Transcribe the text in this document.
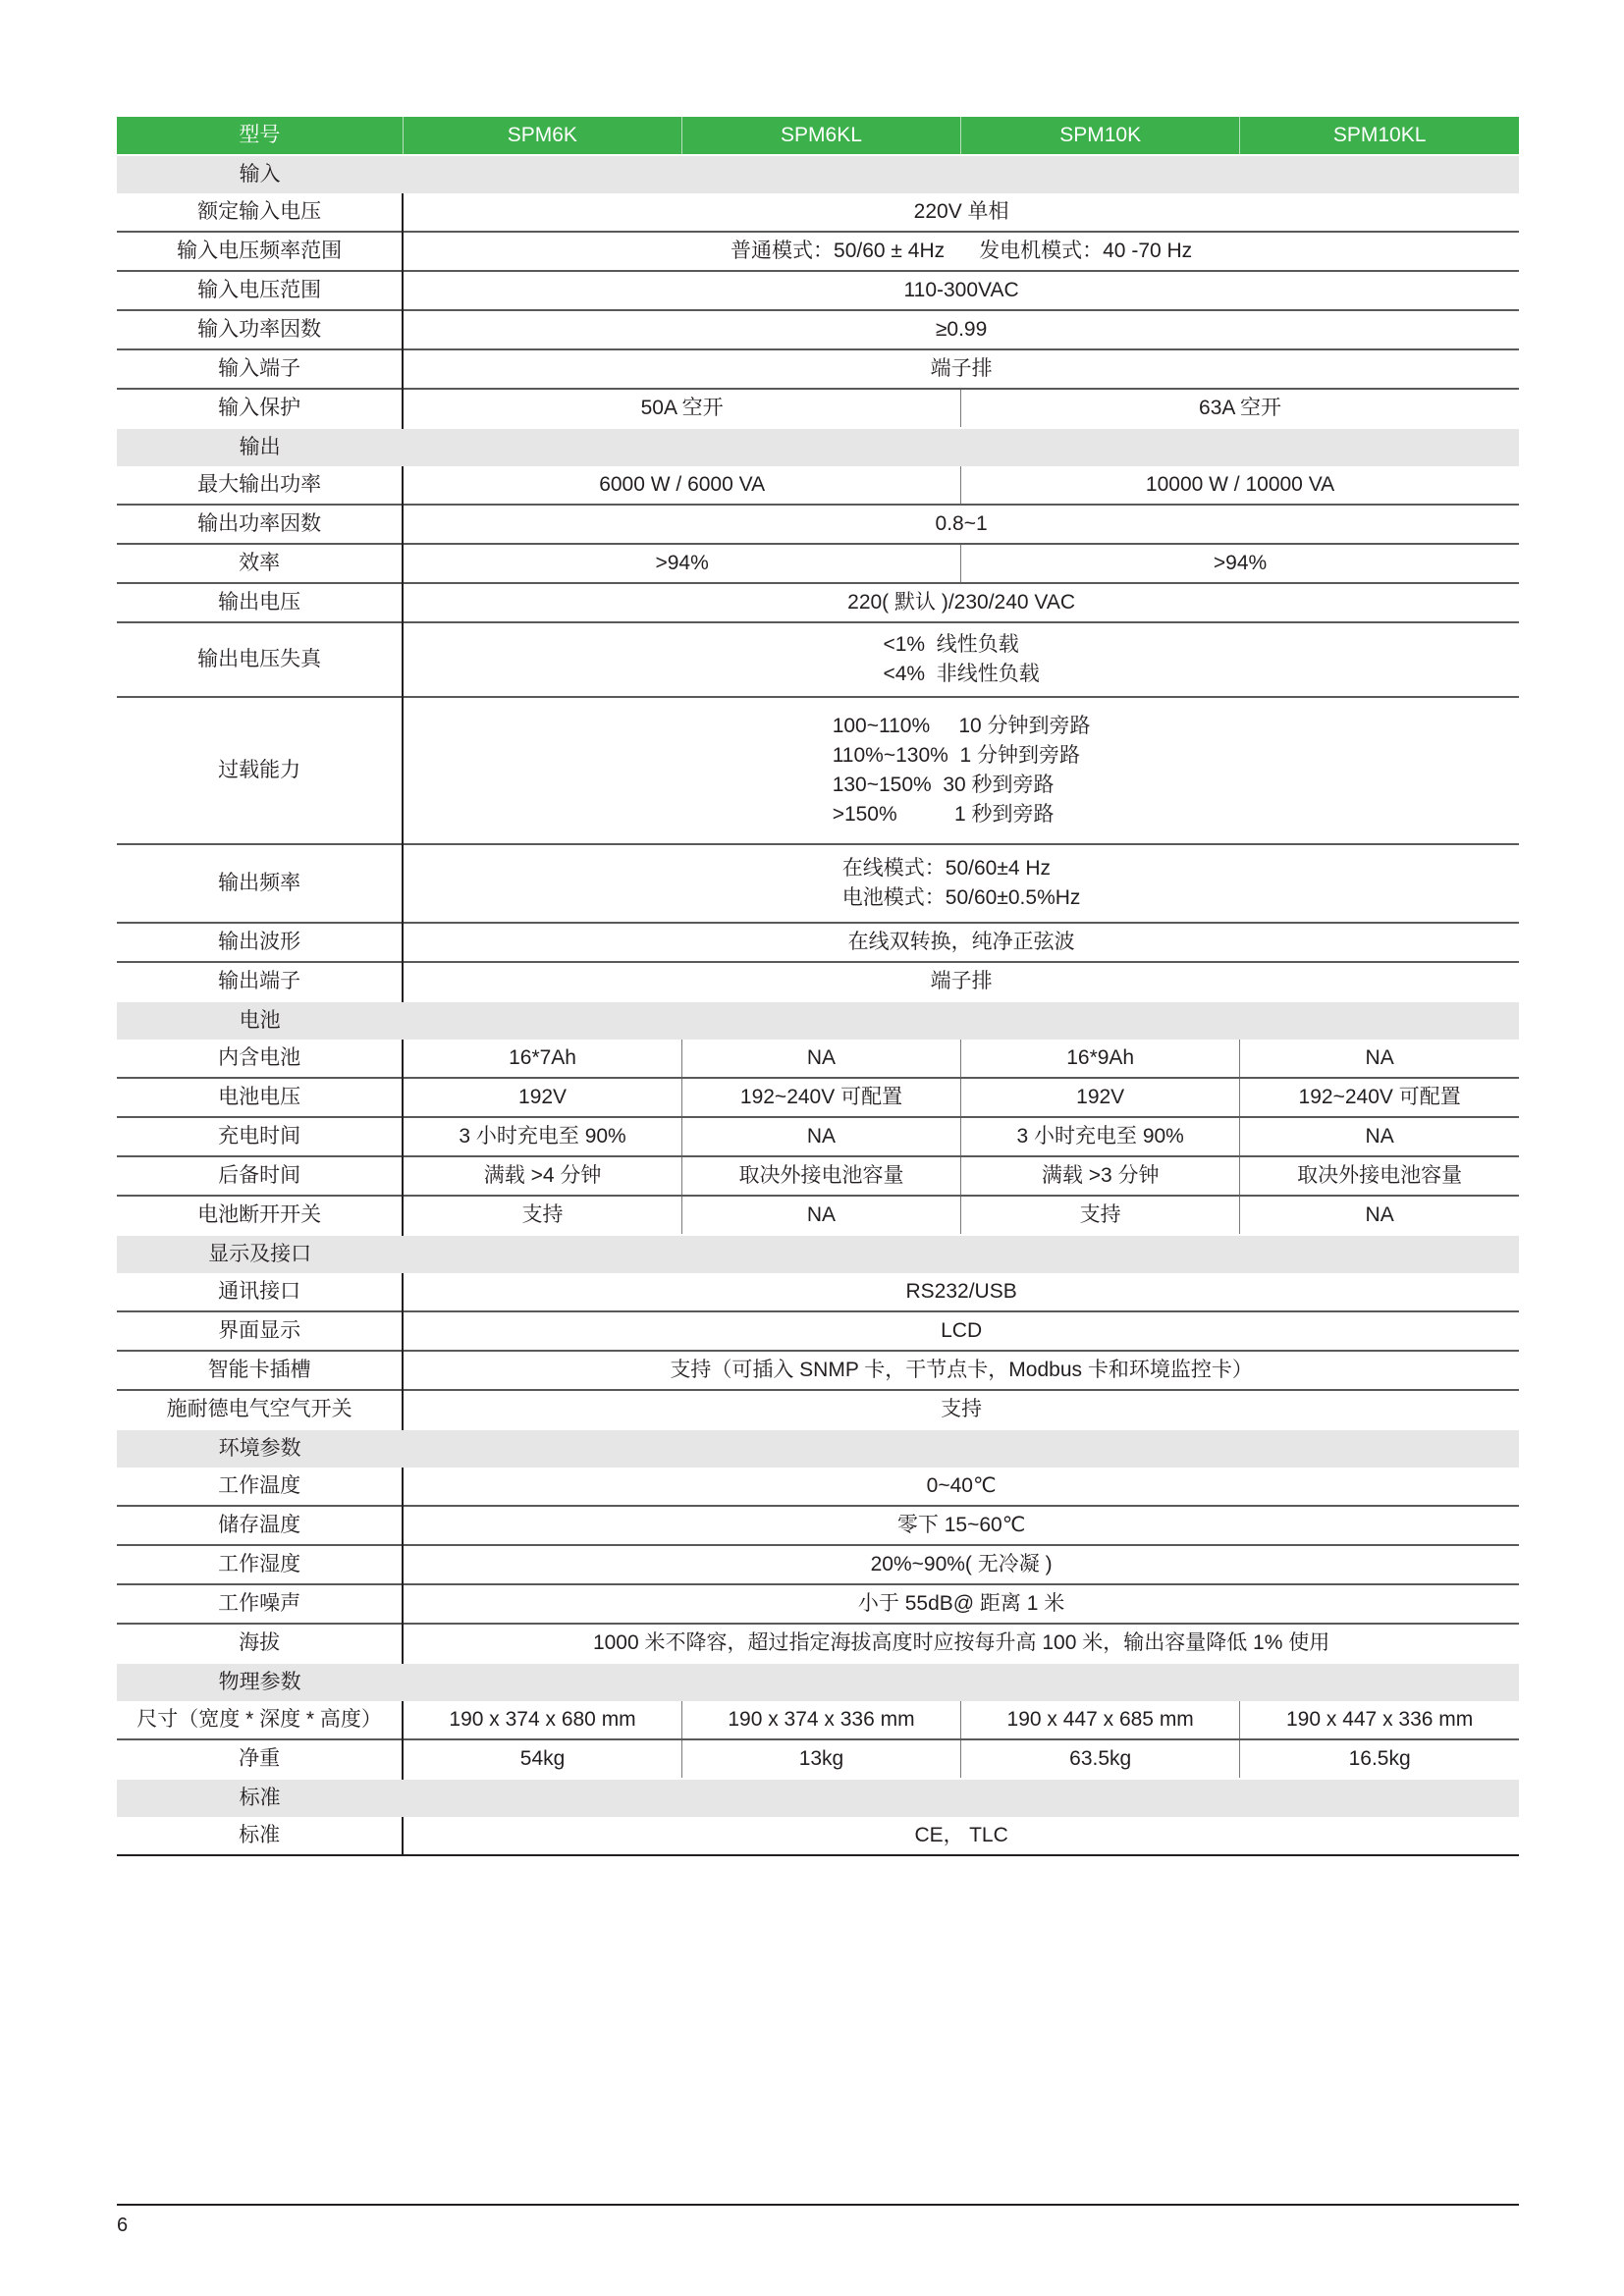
型号	SPM6K	SPM6KL	SPM10K	SPM10KL
输入				
额定输入电压	220V 单相			
输入电压频率范围	普通模式：50/60 ± 4Hz      发电机模式：40 -70 Hz			
输入电压范围	110-300VAC			
输入功率因数	≥0.99			
输入端子	端子排			
输入保护	50A 空开		63A 空开	
输出				
最大输出功率	6000 W / 6000 VA		10000 W / 10000 VA	
输出功率因数	0.8~1			
效率	>94%		>94%	
输出电压	220( 默认 )/230/240 VAC			
输出电压失真	<1%  线性负载
<4%  非线性负载			

过载能力	100~110%     10 分钟到旁路
110%~130%  1 分钟到旁路
130~150%  30 秒到旁路
>150%          1 秒到旁路			

输出频率	在线模式：50/60±4 Hz
电池模式：50/60±0.5%Hz			

输出波形	在线双转换，纯净正弦波			
输出端子	端子排			
电池				
内含电池	16*7Ah	NA	16*9Ah	NA
电池电压	192V	192~240V 可配置	192V	192~240V 可配置
充电时间	3 小时充电至 90%	NA	3 小时充电至 90%	NA
后备时间	满载 >4 分钟	取决外接电池容量	满载 >3 分钟	取决外接电池容量
电池断开开关	支持	NA	支持	NA
显示及接口				
通讯接口	RS232/USB			
界面显示	LCD			
智能卡插槽	支持（可插入 SNMP 卡，干节点卡，Modbus 卡和环境监控卡）			
施耐德电气空气开关	支持			
环境参数				
工作温度	0~40℃			
储存温度	零下 15~60℃			
工作湿度	20%~90%( 无冷凝 )			
工作噪声	小于 55dB@ 距离 1 米			
海拔	1000 米不降容，超过指定海拔高度时应按每升高 100 米，输出容量降低 1% 使用			
物理参数				
尺寸（宽度 * 深度 * 高度）	190 x 374 x 680 mm	190 x 374 x 336 mm	190 x 447 x 685 mm	190 x 447 x 336 mm
净重	54kg	13kg	63.5kg	16.5kg
标准				
标准	CE， TLC			
6
